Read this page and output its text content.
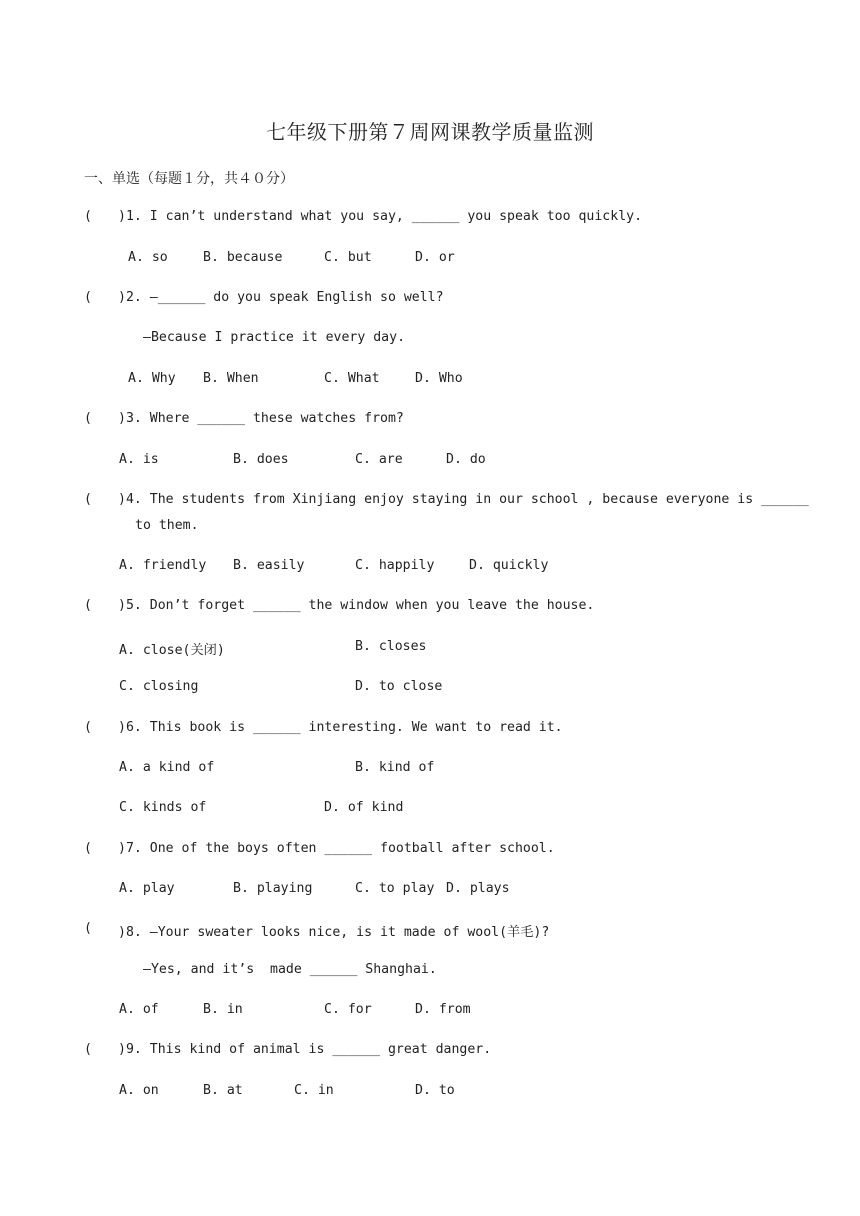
七年级下册第７周网课教学质量监测
一、单选（每题１分，共４０分）
( )1. I can’t understand what you say, ______ you speak too quickly.
A. so	B. because	C. but	D. or
( )2. —______ do you speak English so well?
—Because I practice it every day.
A. Why B. When	C. What	D. Who
( )3. Where ______ these watches from?
A. is	B. does	C. are	D. do
( )4. The students from Xinjiang enjoy staying in our school , because everyone is ______
to them.
A. friendly B. easily	C. happily	D. quickly
( )5. Don’t forget ______ the window when you leave the house.
A. close(关闭)	B. closes
C. closing	D. to close
( )6. This book is ______ interesting. We want to read it.
A. a kind of	B. kind of
C. kinds of	D. of kind
( )7. One of the boys often ______ football after school.
A. play	B. playing	C. to play D. plays
( )8. —Your sweater looks nice, is it made of wool(羊毛)?
—Yes, and it’s  made ______ Shanghai.
A. of	B. in	C. for	D. from
( )9. This kind of animal is ______ great danger.
A. on	B. at	C. in	D. to
